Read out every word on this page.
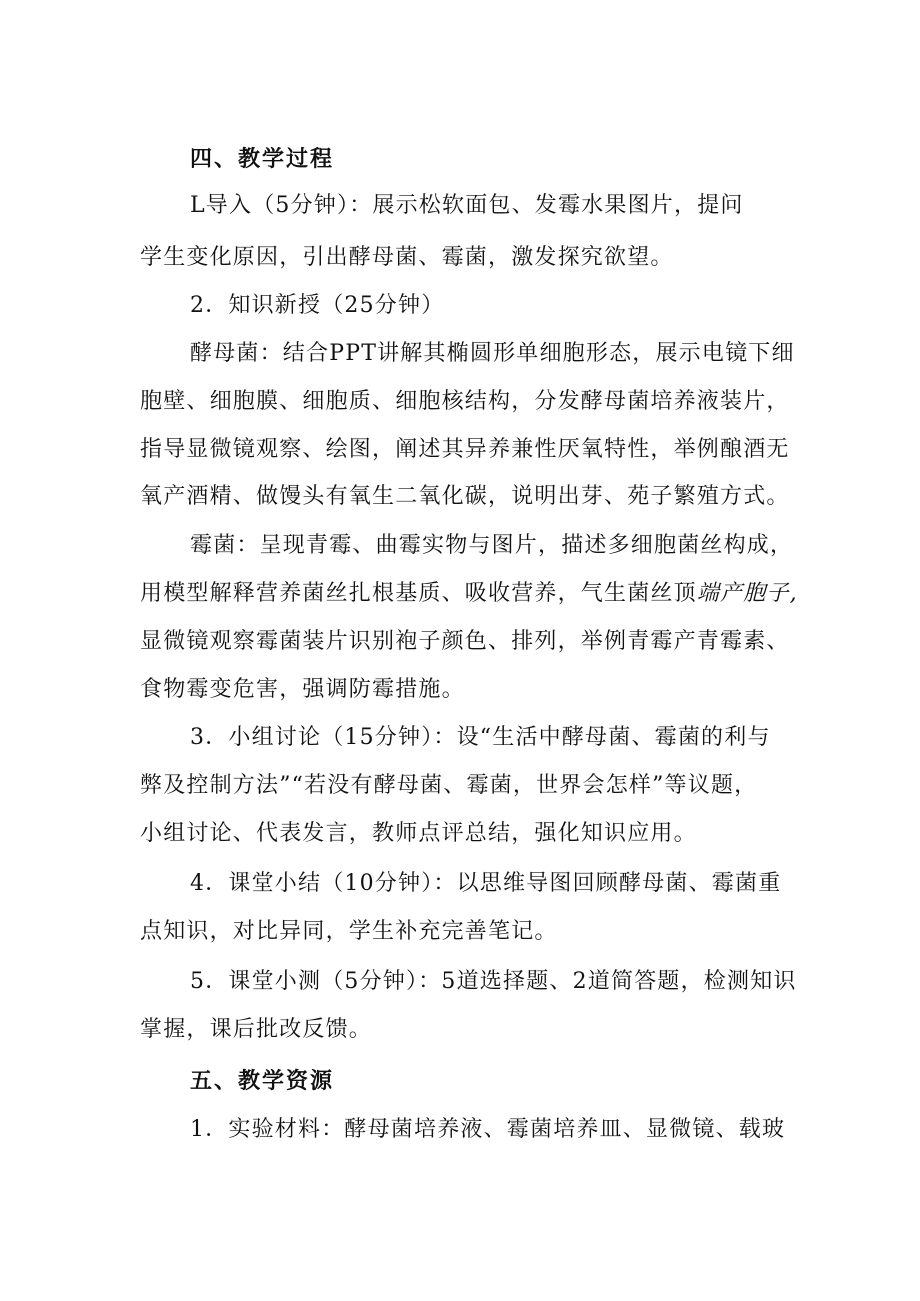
四、教学过程
L导入（5分钟）：展示松软面包、发霉水果图片，提问
学生变化原因，引出酵母菌、霉菌，激发探究欲望。
2．知识新授（25分钟）
酵母菌：结合PPT讲解其椭圆形单细胞形态，展示电镜下细
胞壁、细胞膜、细胞质、细胞核结构，分发酵母菌培养液装片，
指导显微镜观察、绘图，阐述其异养兼性厌氧特性，举例酿酒无
氧产酒精、做馒头有氧生二氧化碳，说明出芽、苑子繁殖方式。
霉菌：呈现青霉、曲霉实物与图片，描述多细胞菌丝构成，
用模型解释营养菌丝扎根基质、吸收营养，气生菌丝顶端产胞子,
显微镜观察霉菌装片识别袍子颜色、排列，举例青霉产青霉素、
食物霉变危害，强调防霉措施。
3．小组讨论（15分钟）：设“生活中酵母菌、霉菌的利与
弊及控制方法”“若没有酵母菌、霉菌，世界会怎样”等议题，
小组讨论、代表发言，教师点评总结，强化知识应用。
4．课堂小结（10分钟）：以思维导图回顾酵母菌、霉菌重
点知识，对比异同，学生补充完善笔记。
5．课堂小测（5分钟）：5道选择题、2道简答题，检测知识
掌握，课后批改反馈。
五、教学资源
1．实验材料：酵母菌培养液、霉菌培养皿、显微镜、载玻
